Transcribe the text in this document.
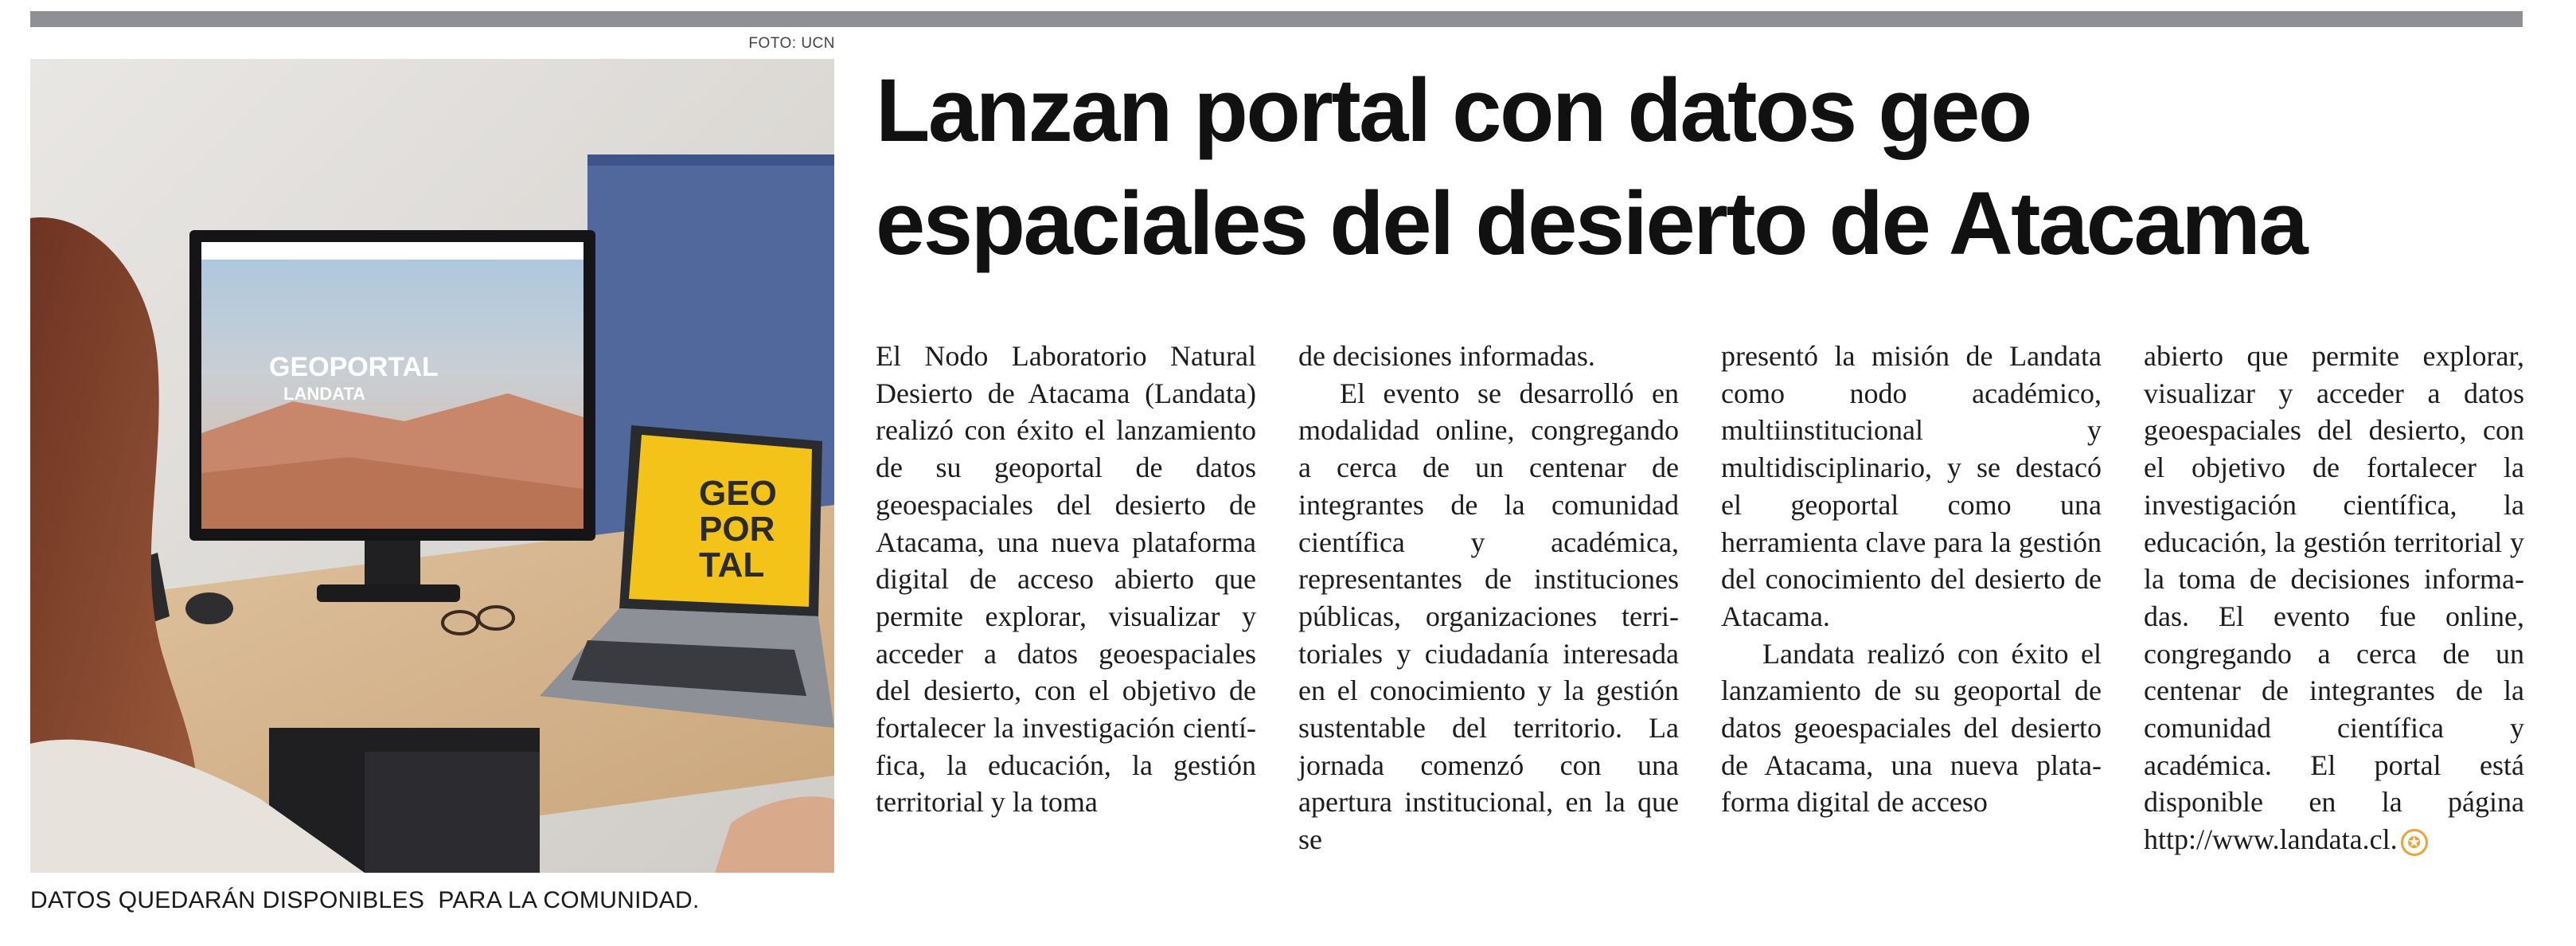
FOTO: UCN
GEOPORTAL
LANDATA
GEO
POR
TAL
DATOS QUEDARÁN DISPONIBLES  PARA LA COMUNIDAD.
Lanzan portal con datos geo
espaciales del desierto de Atacama

El Nodo Laboratorio Natural Desierto de Atacama (Landata) realizó con éxito el lanzamiento de su geoportal de datos geoespaciales del desierto de Atacama, una nueva plataforma digital de acceso abierto que permite explorar, visualizar y acceder a datos geoespaciales del desierto, con el objetivo de fortalecer la investigación científica, la educación, la gestión territorial y la toma

de decisiones informadas.

El evento se desarrolló en modalidad online, congregando a cerca de un centenar de integrantes de la comunidad científica y académica, representantes de instituciones públicas, organizaciones territoriales y ciudadanía interesada en el conocimiento y la gestión sustentable del territorio. La jornada comenzó con una apertura institucional, en la que se

presentó la misión de Landata como nodo académico, multiinstitucional y multidisciplinario, y se destacó el geoportal como una herramienta clave para la gestión del conocimiento del desierto de Atacama.

Landata realizó con éxito el lanzamiento de su geoportal de datos geoespaciales del desierto de Atacama, una nueva plataforma digital de acceso

abierto que permite explorar, visualizar y acceder a datos geoespaciales del desierto, con el objetivo de fortalecer la investigación científica, la educación, la gestión territorial y la toma de decisiones informadas. El evento fue online, congregando a cerca de un centenar de integrantes de la comunidad científica y académica. El portal está disponible en la página http://www.landata.cl. ✪
